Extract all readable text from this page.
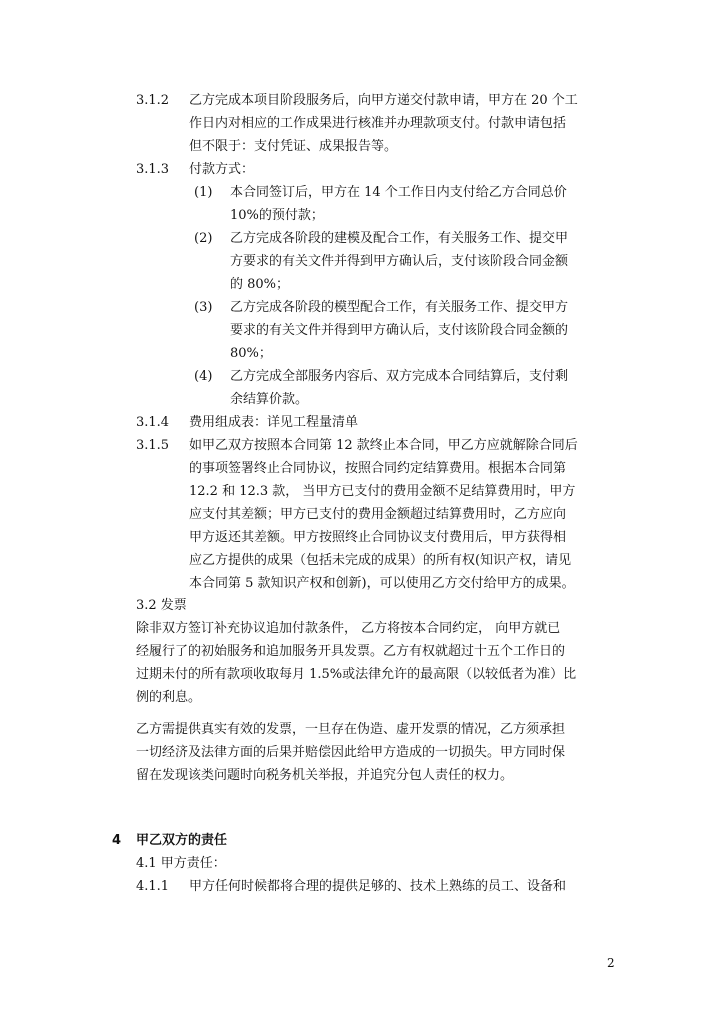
3.1.2 乙方完成本项目阶段服务后，向甲方递交付款申请，甲方在 20 个工
作日内对相应的工作成果进行核准并办理款项支付。付款申请包括
但不限于：支付凭证、成果报告等。
3.1.3 付款方式：
(1) 本合同签订后，甲方在 14 个工作日内支付给乙方合同总价
10%的预付款；
(2) 乙方完成各阶段的建模及配合工作，有关服务工作、提交甲
方要求的有关文件并得到甲方确认后，支付该阶段合同金额
的 80%；
(3) 乙方完成各阶段的模型配合工作，有关服务工作、提交甲方
要求的有关文件并得到甲方确认后，支付该阶段合同金额的
80%；
(4) 乙方完成全部服务内容后、双方完成本合同结算后，支付剩
余结算价款。
3.1.4 费用组成表：详见工程量清单
3.1.5 如甲乙双方按照本合同第 12 款终止本合同，甲乙方应就解除合同后
的事项签署终止合同协议，按照合同约定结算费用。根据本合同第
12.2 和 12.3 款， 当甲方已支付的费用金额不足结算费用时，甲方
应支付其差额；甲方已支付的费用金额超过结算费用时，乙方应向
甲方返还其差额。甲方按照终止合同协议支付费用后，甲方获得相
应乙方提供的成果（包括未完成的成果）的所有权(知识产权，请见
本合同第 5 款知识产权和创新)，可以使用乙方交付给甲方的成果。
3.2 发票
除非双方签订补充协议追加付款条件， 乙方将按本合同约定， 向甲方就已
经履行了的初始服务和追加服务开具发票。乙方有权就超过十五个工作日的
过期未付的所有款项收取每月 1.5%或法律允许的最高限（以较低者为准）比
例的利息。
乙方需提供真实有效的发票，一旦存在伪造、虚开发票的情况，乙方须承担
一切经济及法律方面的后果并赔偿因此给甲方造成的一切损失。甲方同时保
留在发现该类问题时向税务机关举报，并追究分包人责任的权力。
4 甲乙双方的责任
4.1 甲方责任：
4.1.1 甲方任何时候都将合理的提供足够的、技术上熟练的员工、设备和
2
